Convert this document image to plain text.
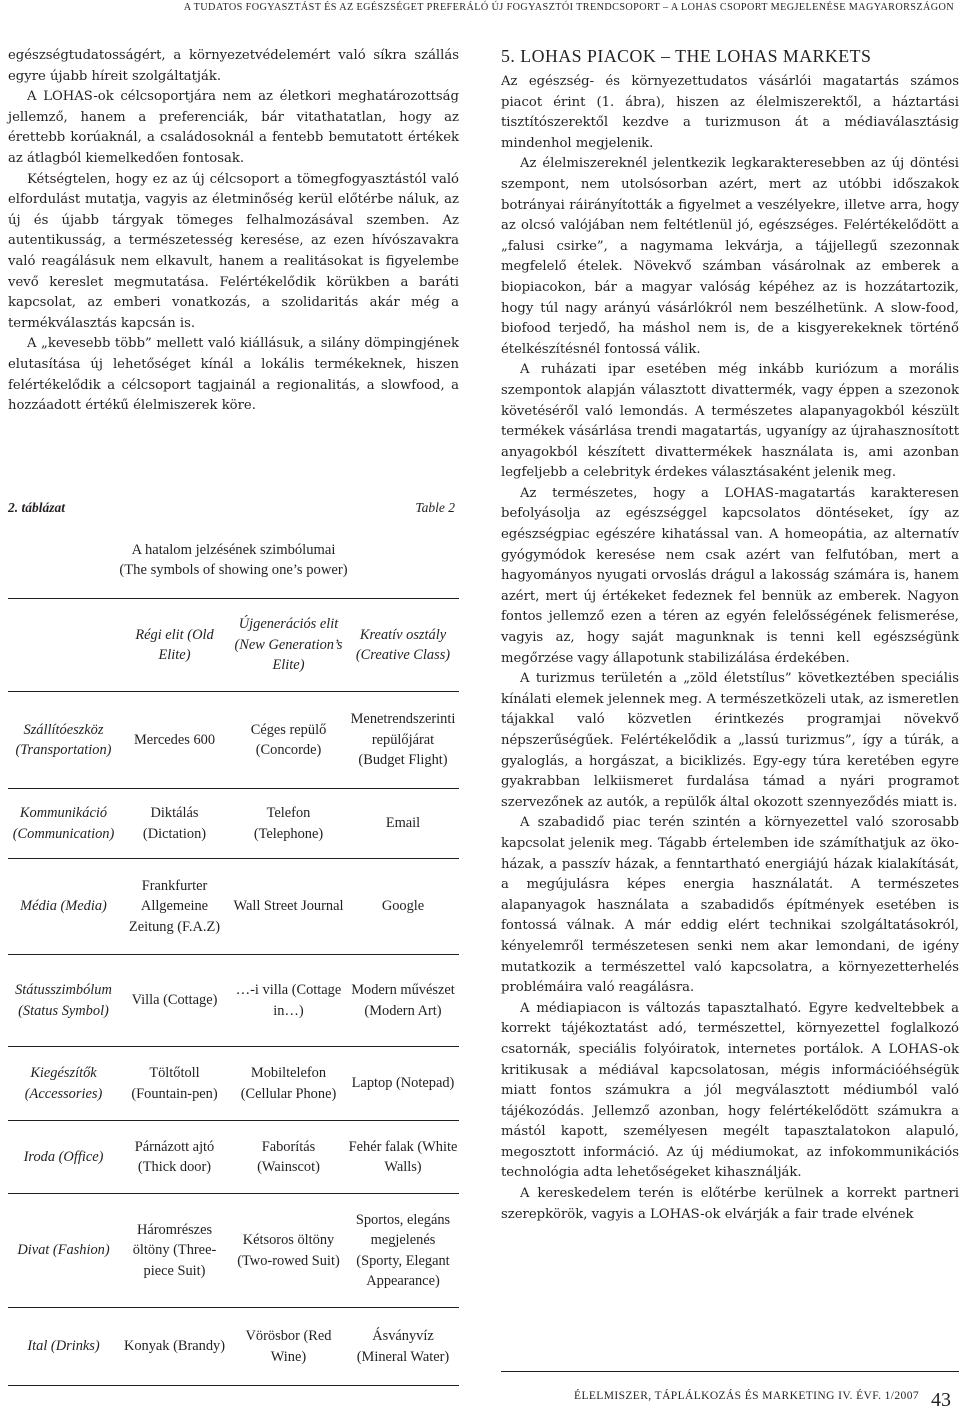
A TUDATOS FOGYASZTÁST ÉS AZ EGÉSZSÉGET PREFERÁLÓ ÚJ FOGYASZTÓI TRENDCSOPORT – A LOHAS CSOPORT MEGJELENÉSE MAGYARORSZÁGON

egészségtudatosságért, a környezetvédelemért való síkra szállás egyre újabb híreit szolgáltatják.

A LOHAS-ok célcsoportjára nem az életkori meghatározottság jellemző, hanem a preferenciák, bár vitathatatlan, hogy az érettebb korúaknál, a családosoknál a fentebb bemutatott értékek az átlagból kiemelkedően fontosak.

Kétségtelen, hogy ez az új célcsoport a tömegfogyasztástól való elfordulást mutatja, vagyis az életminőség kerül előtérbe náluk, az új és újabb tárgyak tömeges felhalmozásával szemben. Az autentikusság, a természetesség keresése, az ezen hívószavakra való reagálásuk nem elkavult, hanem a realitásokat is figyelembe vevő kereslet megmutatása. Felértékelődik körükben a baráti kapcsolat, az emberi vonatkozás, a szolidaritás akár még a termékválasztás kapcsán is.

A „kevesebb több” mellett való kiállásuk, a silány dömpingjének elutasítása új lehetőséget kínál a lokális termékeknek, hiszen felértékelődik a célcsoport tagjainál a regionalitás, a slowfood, a hozzáadott értékű élelmiszerek köre.

2. táblázat	Table 2
A hatalom jelzésének szimbólumai
(The symbols of showing one’s power)
	Régi elit (Old Elite)	Újgenerációs elit (New Generation’s Elite)	Kreatív osztály (Creative Class)
Szállítóeszköz (Transportation)	Mercedes 600	Céges repülő (Concorde)	Menetrendszerinti repülőjárat (Budget Flight)
Kommunikáció (Communication)	Diktálás (Dictation)	Telefon (Telephone)	Email
Média (Media)	Frankfurter Allgemeine Zeitung (F.A.Z)	Wall Street Journal	Google
Státusszimbólum (Status Symbol)	Villa (Cottage)	…-i villa (Cottage in…)	Modern művészet (Modern Art)
Kiegészítők (Accessories)	Töltőtoll (Fountain-pen)	Mobiltelefon (Cellular Phone)	Laptop (Notepad)
Iroda (Office)	Párnázott ajtó (Thick door)	Faborítás (Wainscot)	Fehér falak (White Walls)
Divat (Fashion)	Háromrészes öltöny (Three-piece Suit)	Kétsoros öltöny (Two-rowed Suit)	Sportos, elegáns megjelenés (Sporty, Elegant Appearance)
Ital (Drinks)	Konyak (Brandy)	Vörösbor (Red Wine)	Ásványvíz (Mineral Water)
5. LOHAS PIACOK – THE LOHAS MARKETS

Az egészség- és környezettudatos vásárlói magatartás számos piacot érint (1. ábra), hiszen az élelmiszerektől, a háztartási tisztítószerektől kezdve a turizmuson át a médiaválasztásig mindenhol megjelenik.

Az élelmiszereknél jelentkezik legkarakteresebben az új döntési szempont, nem utolsósorban azért, mert az utóbbi időszakok botrányai ráirányították a figyelmet a veszélyekre, illetve arra, hogy az olcsó valójában nem feltétlenül jó, egészséges. Felértékelődött a „falusi csirke”, a nagymama lekvárja, a tájjellegű szezonnak megfelelő ételek. Növekvő számban vásárolnak az emberek a biopiacokon, bár a magyar valóság képéhez az is hozzátartozik, hogy túl nagy arányú vásárlókról nem beszélhetünk. A slow-food, biofood terjedő, ha máshol nem is, de a kisgyerekeknek történő ételkészítésnél fontossá válik.

A ruházati ipar esetében még inkább kuriózum a morális szempontok alapján választott divattermék, vagy éppen a szezonok követéséről való lemondás. A természetes alapanyagokból készült termékek vásárlása trendi magatartás, ugyanígy az újrahasznosított anyagokból készített divattermékek használata is, ami azonban legfeljebb a celebrityk érdekes választásaként jelenik meg.

Az természetes, hogy a LOHAS-magatartás karakteresen befolyásolja az egészséggel kapcsolatos döntéseket, így az egészségpiac egészére kihatással van. A homeopátia, az alternatív gyógymódok keresése nem csak azért van felfutóban, mert a hagyományos nyugati orvoslás drágul a lakosság számára is, hanem azért, mert új értékeket fedeznek fel bennük az emberek. Nagyon fontos jellemző ezen a téren az egyén felelősségének felismerése, vagyis az, hogy saját magunknak is tenni kell egészségünk megőrzése vagy állapotunk stabilizálása érdekében.

A turizmus területén a „zöld életstílus” következtében speciális kínálati elemek jelennek meg. A természetközeli utak, az ismeretlen tájakkal való közvetlen érintkezés programjai növekvő népszerűségűek. Felértékelődik a „lassú turizmus”, így a túrák, a gyaloglás, a horgászat, a biciklizés. Egy-egy túra keretében egyre gyakrabban lelkiismeret furdalása támad a nyári programot szervezőnek az autók, a repülők által okozott szennyeződés miatt is.

A szabadidő piac terén szintén a környezettel való szorosabb kapcsolat jelenik meg. Tágabb értelemben ide számíthatjuk az öko-házak, a passzív házak, a fenntartható energiájú házak kialakítását, a megújulásra képes energia használatát. A természetes alapanyagok használata a szabadidős építmények esetében is fontossá válnak. A már eddig elért technikai szolgáltatásokról, kényelemről természetesen senki nem akar lemondani, de igény mutatkozik a természettel való kapcsolatra, a környezetterhelés problémáira való reagálásra.

A médiapiacon is változás tapasztalható. Egyre kedveltebbek a korrekt tájékoztatást adó, természettel, környezettel foglalkozó csatornák, speciális folyóiratok, internetes portálok. A LOHAS-ok kritikusak a médiával kapcsolatosan, mégis információéhségük miatt fontos számukra a jól megválasztott médiumból való tájékozódás. Jellemző azonban, hogy felértékelődött számukra a mástól kapott, személyesen megélt tapasztalatokon alapuló, megosztott információ. Az új médiumokat, az infokommunikációs technológia adta lehetőségeket kihasználják.

A kereskedelem terén is előtérbe kerülnek a korrekt partneri szerepkörök, vagyis a LOHAS-ok elvárják a fair trade elvének

ÉLELMISZER, TÁPLÁLKOZÁS ÉS MARKETING IV. ÉVF. 1/2007 43
